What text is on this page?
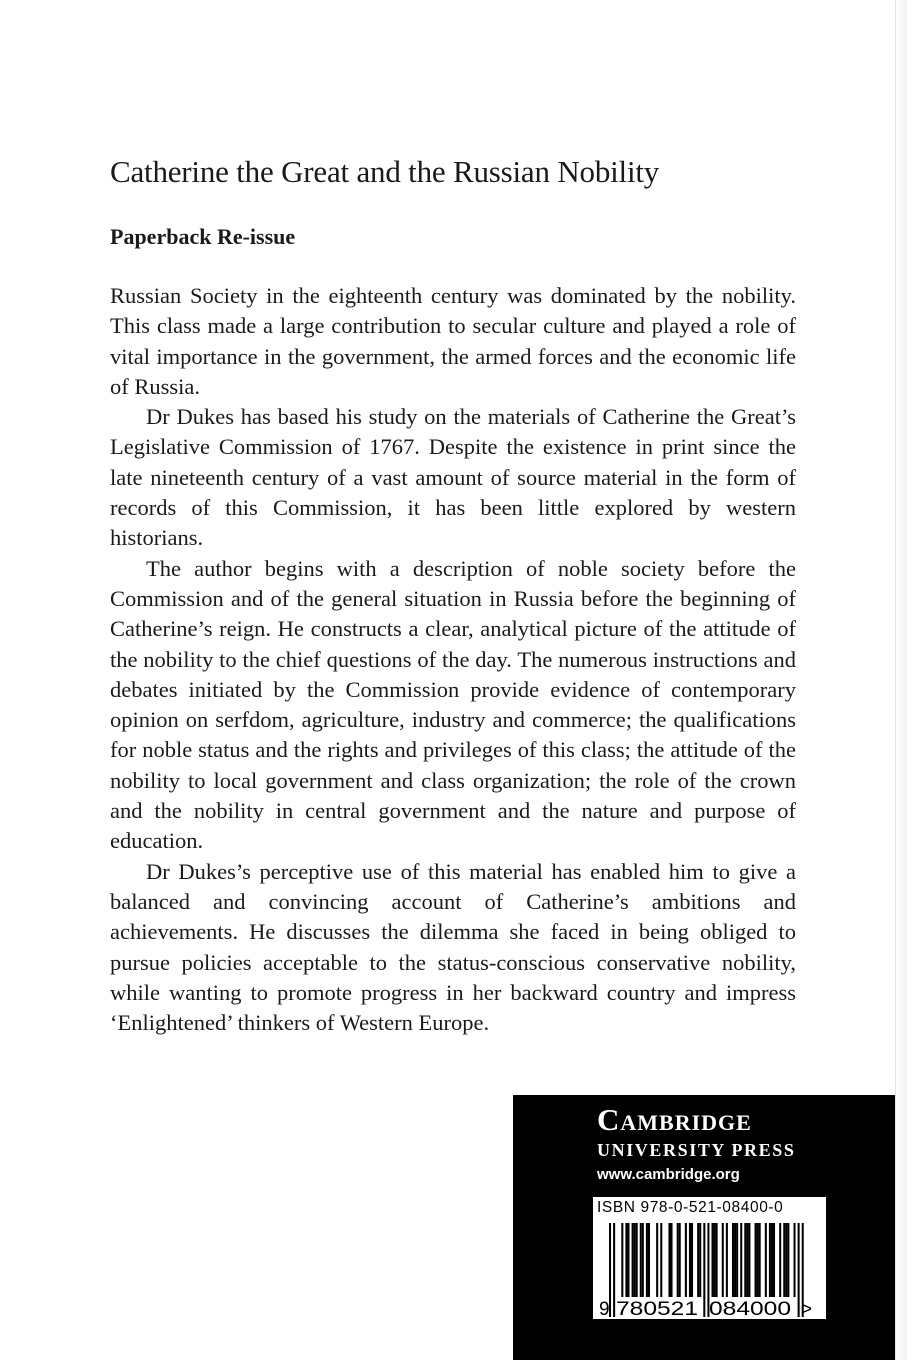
Catherine the Great and the Russian Nobility
Paperback Re-issue

Russian Society in the eighteenth century was dominated by the nobility. This class made a large contribution to secular culture and played a role of vital importance in the government, the armed forces and the economic life of Russia.

Dr Dukes has based his study on the materials of Catherine the Great’s Legislative Commission of 1767. Despite the existence in print since the late nineteenth century of a vast amount of source material in the form of records of this Commission, it has been little explored by western historians.

The author begins with a description of noble society before the Commission and of the general situation in Russia before the beginning of Catherine’s reign. He constructs a clear, analytical picture of the attitude of the nobility to the chief questions of the day. The numerous instructions and debates initiated by the Commission provide evidence of contemporary opinion on serfdom, agriculture, industry and commerce; the qualifications for noble status and the rights and privileges of this class; the attitude of the nobility to local government and class organization; the role of the crown and the nobility in central government and the nature and purpose of education.

Dr Dukes’s perceptive use of this material has enabled him to give a balanced and convincing account of Catherine’s ambitions and achievements. He discusses the dilemma she faced in being obliged to pursue policies acceptable to the status-conscious conservative nobility, while wanting to promote progress in her backward country and impress ‘Enlightened’ thinkers of Western Europe.

Cambridge
UNIVERSITY PRESS
www.cambridge.org
9 780521 084000 >
ISBN 978-0-521-08400-0
